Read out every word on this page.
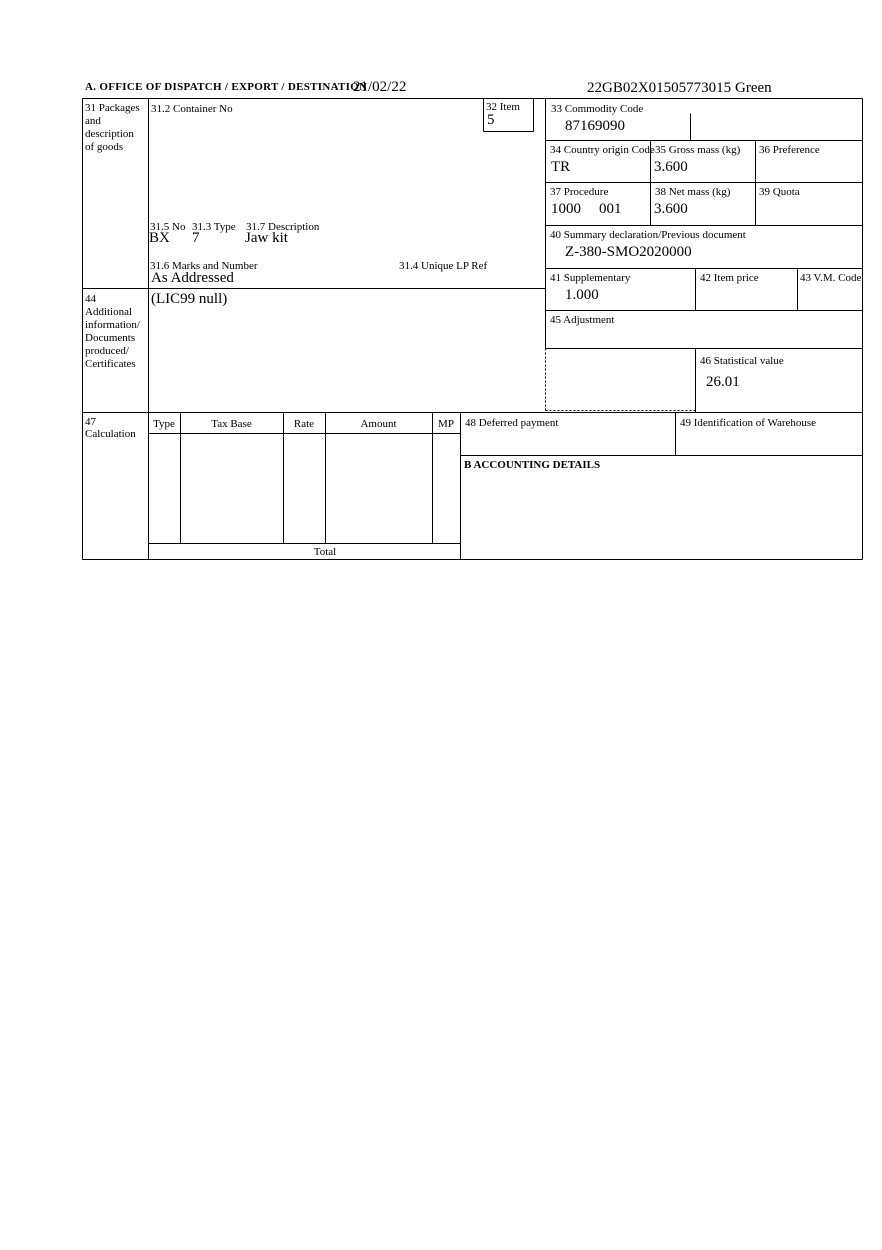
A. OFFICE OF DISPATCH / EXPORT / DESTINATION
21/02/22	22GB02X01505773015 Green
31 Packages
and
description
of goods
31.2 Container No	32 Item
5
31.5 No 31.3 Type 31.7 Description
BX 7	Jaw kit
31.6 Marks and Number	31.4 Unique LP Ref
As Addressed
33 Commodity Code
87169090
34 Country origin Code
TR
35 Gross mass (kg)
3.600
36 Preference
37 Procedure
1000 001
38 Net mass (kg)
3.600
39 Quota
40 Summary declaration/Previous document
Z-380-SMO2020000
41 Supplementary
1.000
42 Item price	43 V.M. Code
45 Adjustment
46 Statistical value
26.01
44
Additional
information/
Documents
produced/
Certificates
(LIC99 null)
47
Calculation
Type	Tax Base	Rate	Amount	MP
Total
48 Deferred payment	49 Identification of Warehouse
B ACCOUNTING DETAILS
